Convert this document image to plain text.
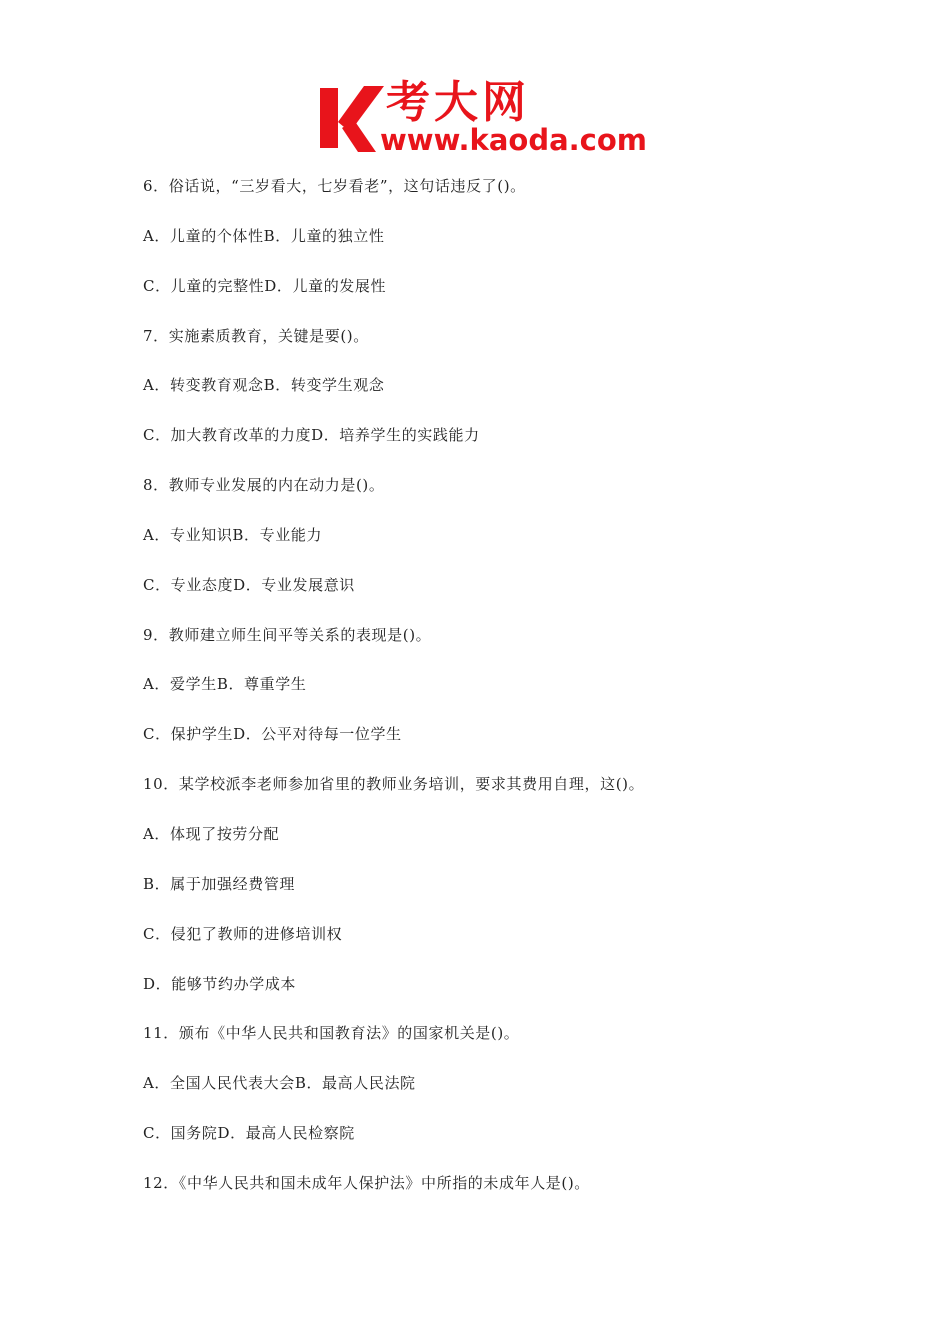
考大网
www.kaoda.com
6．俗话说，“三岁看大，七岁看老”，这句话违反了()。
A．儿童的个体性B．儿童的独立性
C．儿童的完整性D．儿童的发展性
7．实施素质教育，关键是要()。
A．转变教育观念B．转变学生观念
C．加大教育改革的力度D．培养学生的实践能力
8．教师专业发展的内在动力是()。
A．专业知识B．专业能力
C．专业态度D．专业发展意识
9．教师建立师生间平等关系的表现是()。
A．爱学生B．尊重学生
C．保护学生D．公平对待每一位学生
10．某学校派李老师参加省里的教师业务培训，要求其费用自理，这()。
A．体现了按劳分配
B．属于加强经费管理
C．侵犯了教师的进修培训权
D．能够节约办学成本
11．颁布《中华人民共和国教育法》的国家机关是()。
A．全国人民代表大会B．最高人民法院
C．国务院D．最高人民检察院
12．《中华人民共和国未成年人保护法》中所指的未成年人是()。
